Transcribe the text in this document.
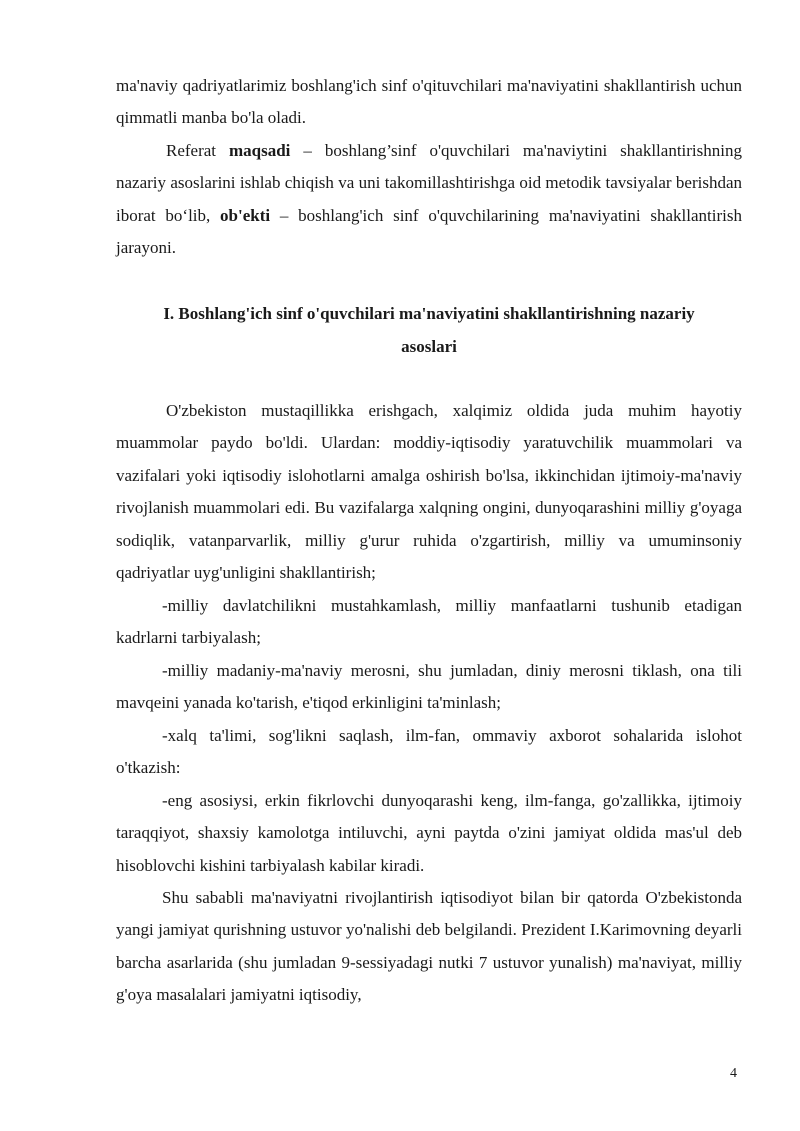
ma'naviy qadriyatlarimiz boshlang'ich sinf o'qituvchilari ma'naviyatini shakllantirish uchun qimmatli manba bo'la oladi.

Referat maqsadi – boshlang’sinf o'quvchilari ma'naviytini shakllantirishning nazariy asoslarini ishlab chiqish va uni takomillashtirishga oid metodik tavsiyalar berishdan iborat bo‘lib, ob'ekti – boshlang'ich sinf o'quvchilarining ma'naviyatini shakllantirish jarayoni.

I. Boshlang'ich sinf o'quvchilari ma'naviyatini shakllantirishning nazariy
asoslari

O'zbekiston mustaqillikka erishgach, xalqimiz oldida juda muhim hayotiy muammolar paydo bo'ldi. Ulardan: moddiy-iqtisodiy yaratuvchilik muammolari va vazifalari yoki iqtisodiy islohotlarni amalga oshirish bo'lsa, ikkinchidan ijtimoiy-ma'naviy rivojlanish muammolari edi. Bu vazifalarga xalqning ongini, dunyoqarashini milliy g'oyaga sodiqlik, vatanparvarlik, milliy g'urur ruhida o'zgartirish, milliy va umuminsoniy qadriyatlar uyg'unligini shakllantirish;

-milliy davlatchilikni mustahkamlash, milliy manfaatlarni tushunib etadigan kadrlarni tarbiyalash;

-milliy madaniy-ma'naviy merosni, shu jumladan, diniy merosni tiklash, ona tili mavqeini yanada ko'tarish, e'tiqod erkinligini ta'minlash;

-xalq ta'limi, sog'likni saqlash, ilm-fan, ommaviy axborot sohalarida islohot o'tkazish:

-eng asosiysi, erkin fikrlovchi dunyoqarashi keng, ilm-fanga, go'zallikka, ijtimoiy taraqqiyot, shaxsiy kamolotga intiluvchi, ayni paytda o'zini jamiyat oldida mas'ul deb hisoblovchi kishini tarbiyalash kabilar kiradi.

Shu sababli ma'naviyatni rivojlantirish iqtisodiyot bilan bir qatorda O'zbekistonda yangi jamiyat qurishning ustuvor yo'nalishi deb belgilandi. Prezident I.Karimovning deyarli barcha asarlarida (shu jumladan 9-sessiyadagi nutki 7 ustuvor yunalish) ma'naviyat, milliy g'oya masalalari jamiyatni iqtisodiy,

4
